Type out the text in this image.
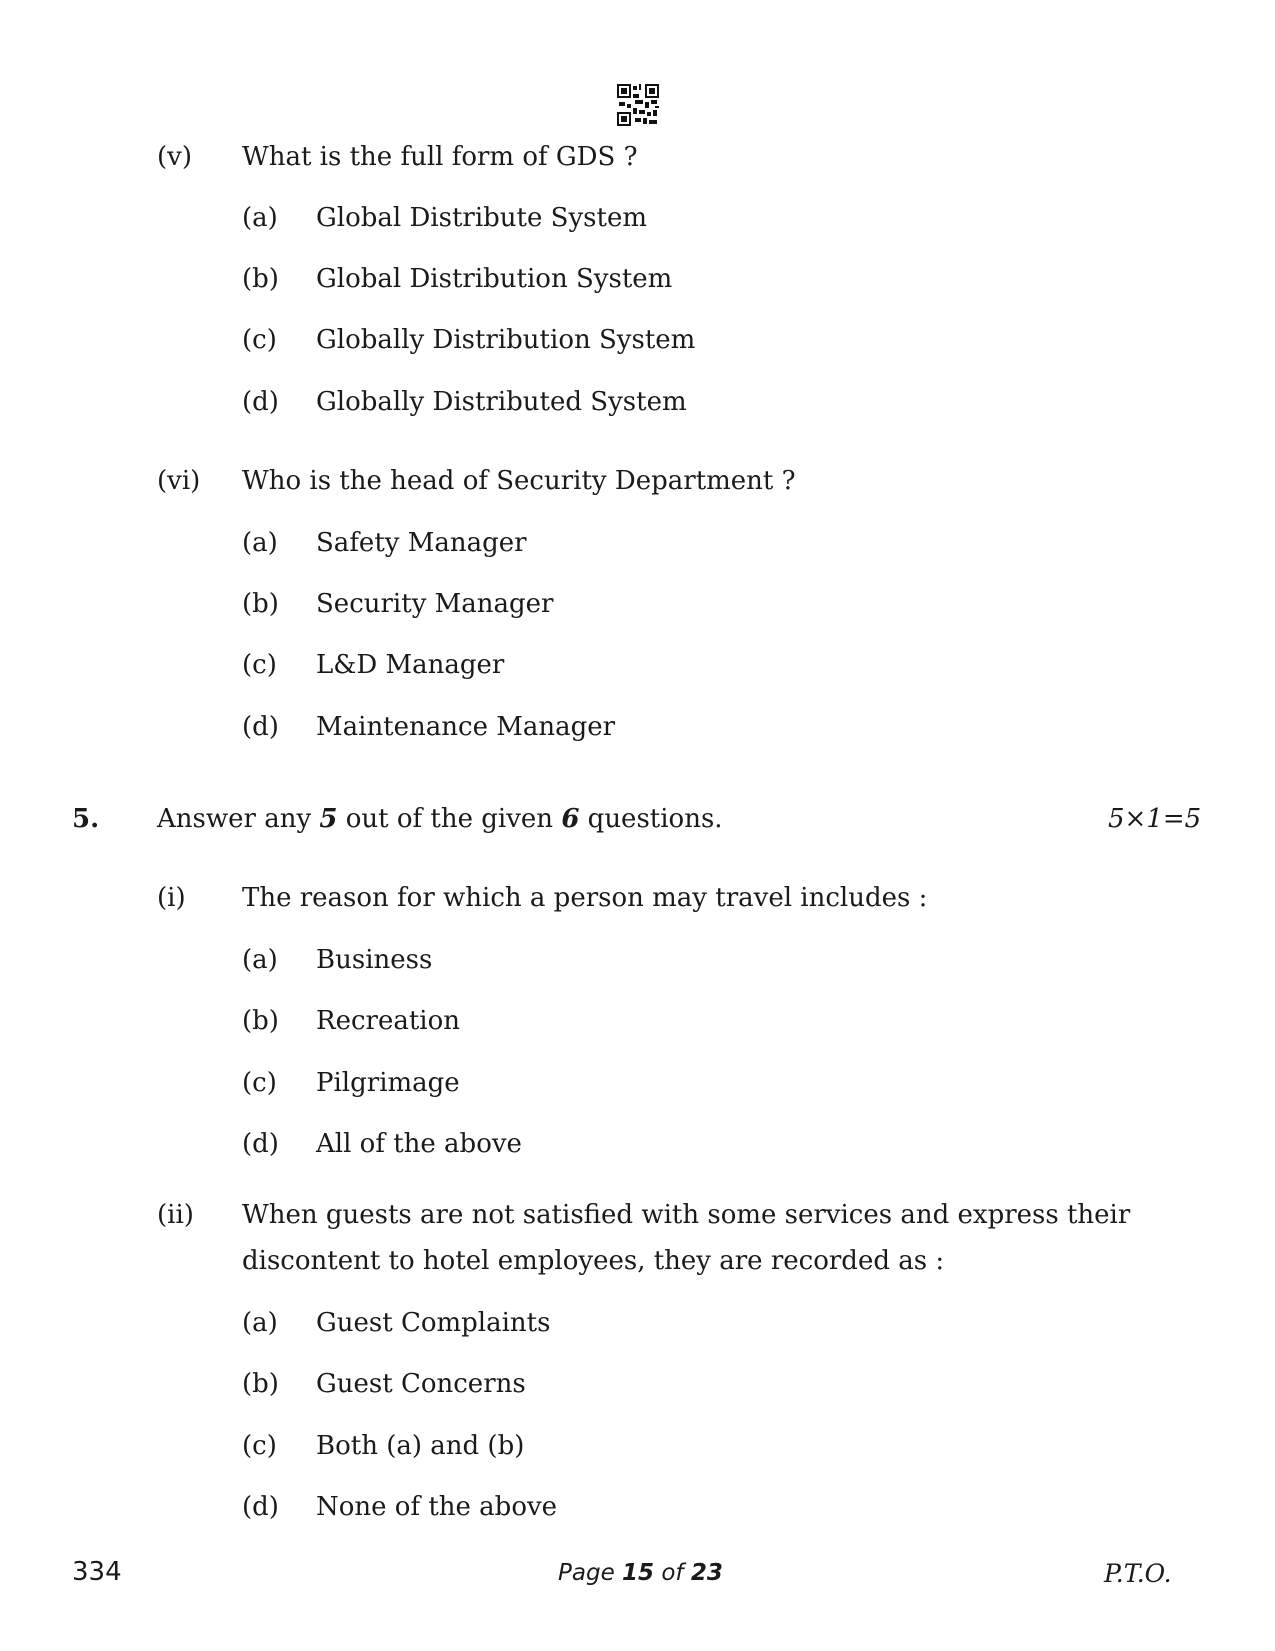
(v) What is the full form of GDS ?
(a) Global Distribute System
(b) Global Distribution System
(c) Globally Distribution System
(d) Globally Distributed System
(vi) Who is the head of Security Department ?
(a) Safety Manager
(b) Security Manager
(c) L&D Manager
(d) Maintenance Manager
5. Answer any 5 out of the given 6 questions.	5×1=5
(i) The reason for which a person may travel includes :
(a) Business
(b) Recreation
(c) Pilgrimage
(d) All of the above
(ii) When guests are not satisfied with some services and express their
discontent to hotel employees, they are recorded as :
(a) Guest Complaints
(b) Guest Concerns
(c) Both (a) and (b)
(d) None of the above
334	Page 15 of 23	P.T.O.
